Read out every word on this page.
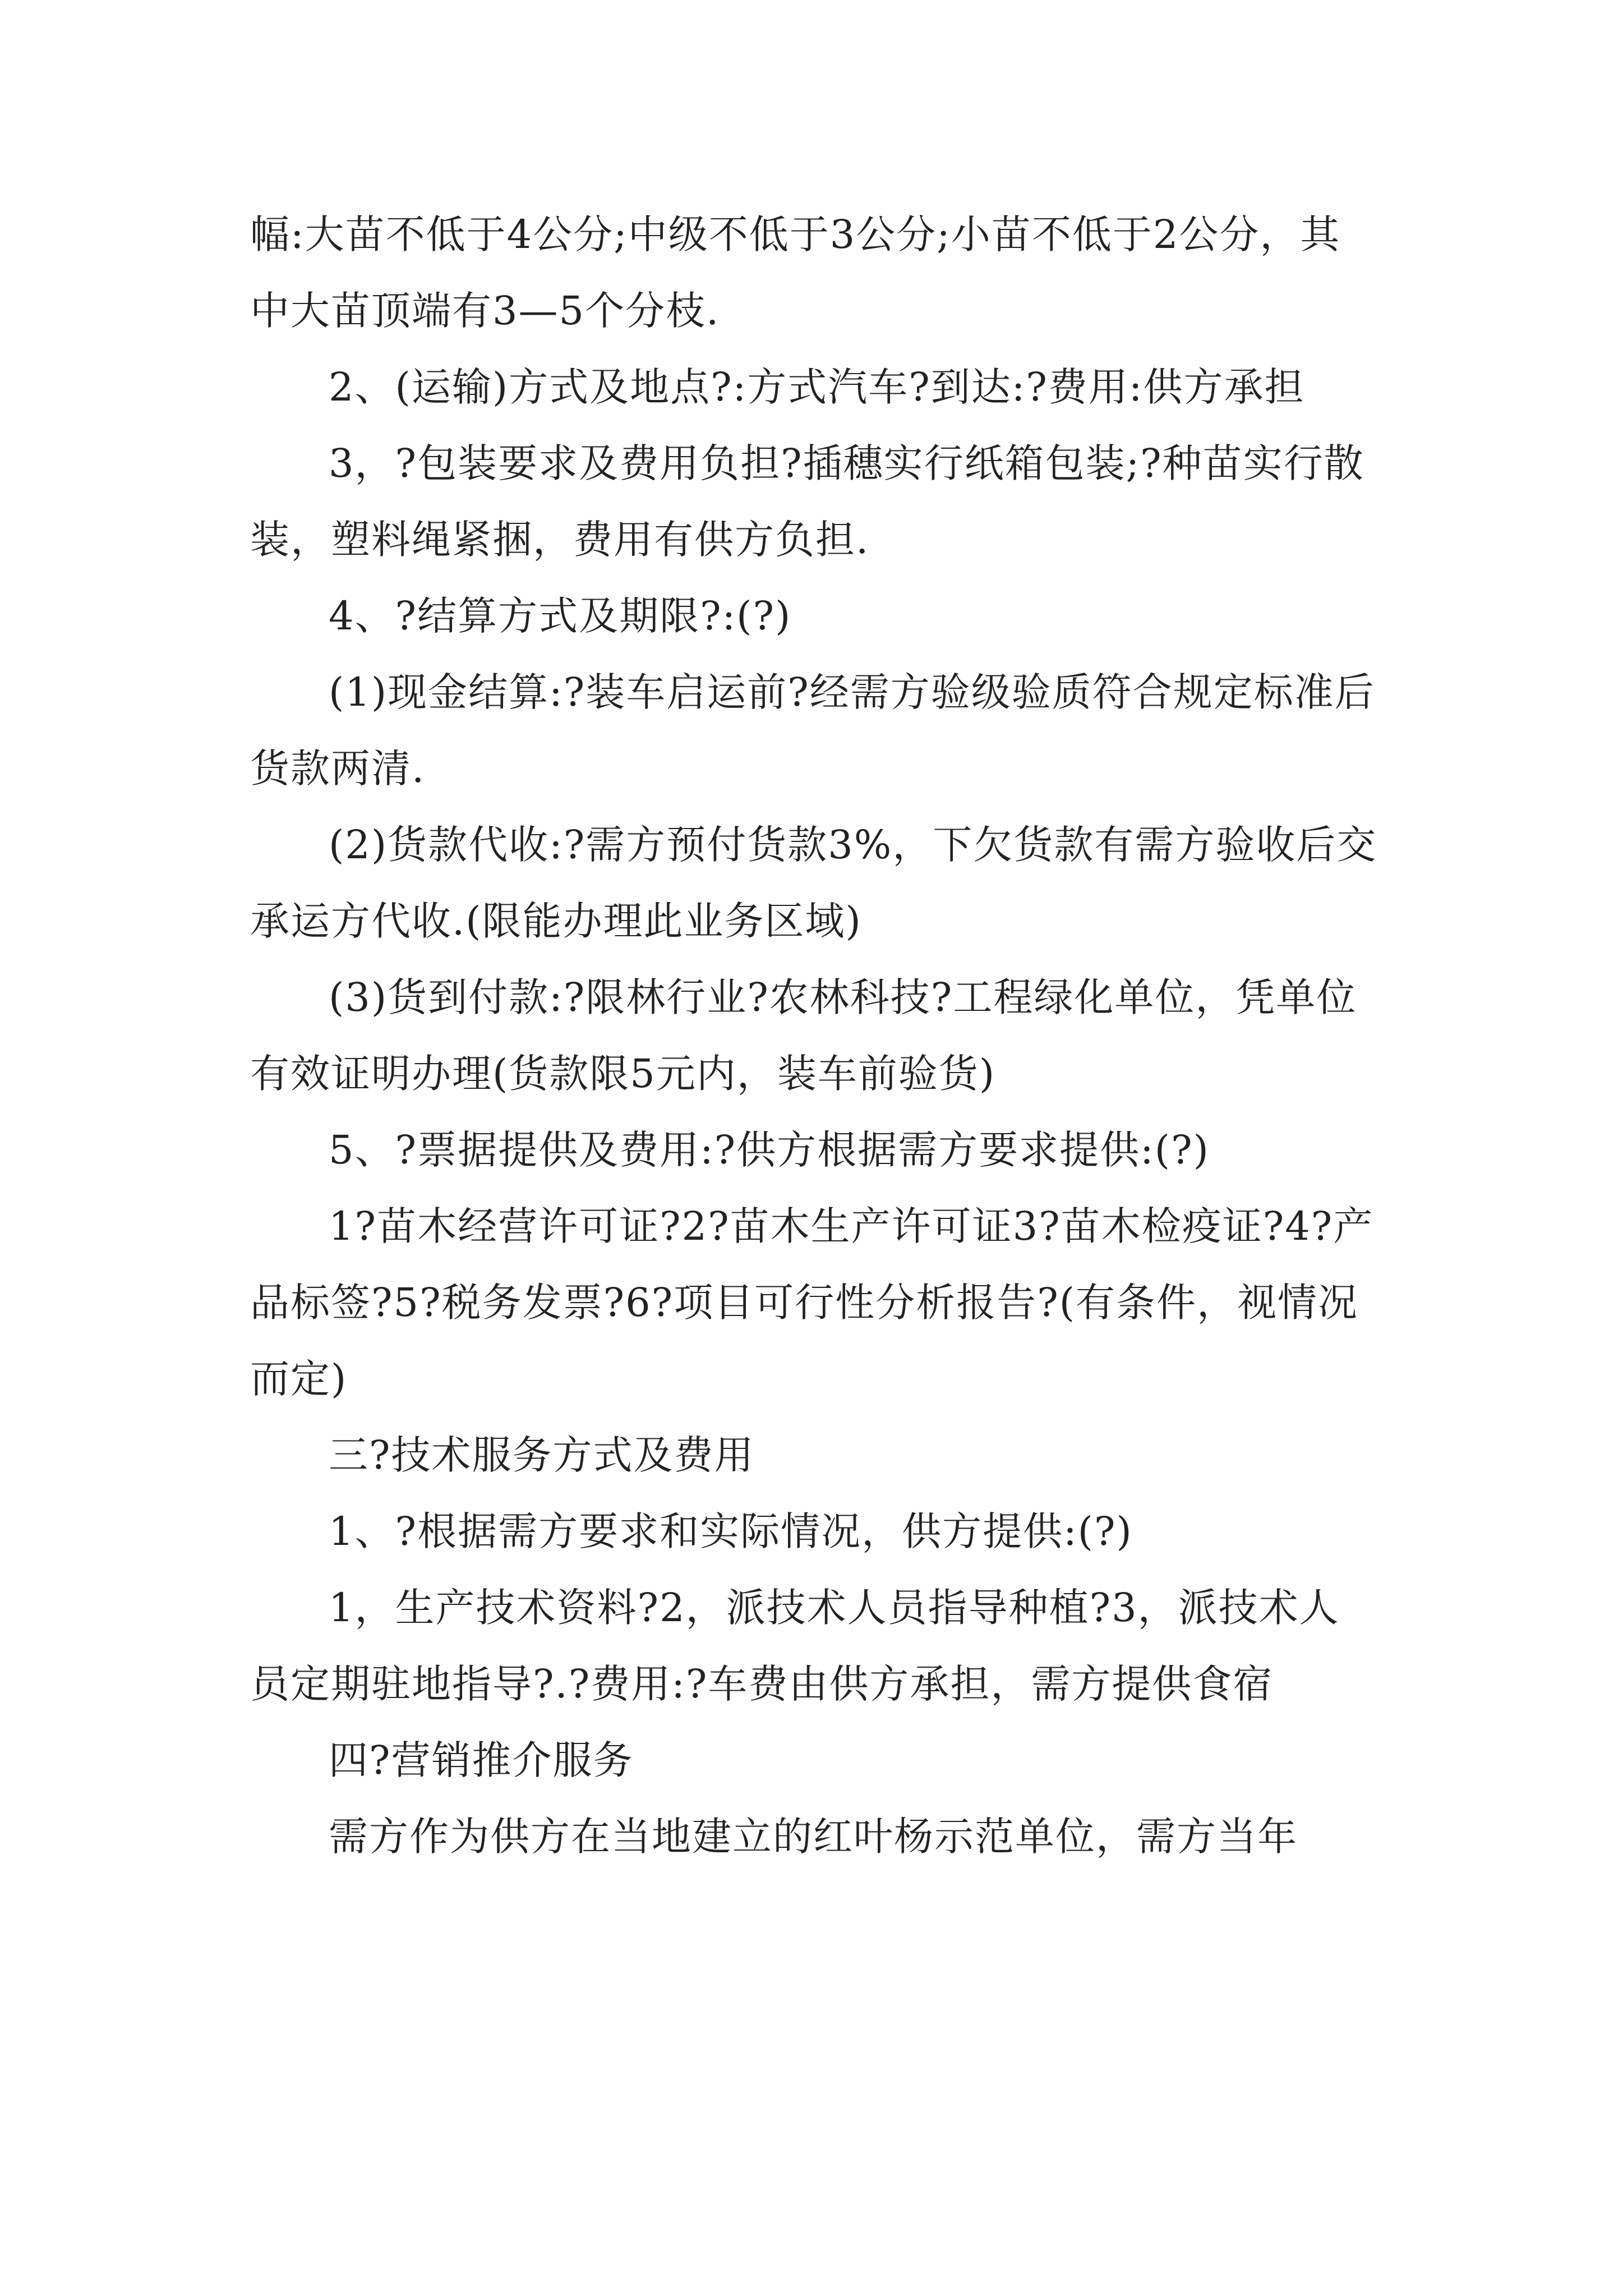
幅:大苗不低于4公分;中级不低于3公分;小苗不低于2公分，其中大苗顶端有3—5个分枝.

2、(运输)方式及地点?:方式汽车?到达:?费用:供方承担

3，?包装要求及费用负担?插穗实行纸箱包装;?种苗实行散装，塑料绳紧捆，费用有供方负担.

4、?结算方式及期限?:(?)

(1)现金结算:?装车启运前?经需方验级验质符合规定标准后货款两清.

(2)货款代收:?需方预付货款3%，下欠货款有需方验收后交承运方代收.(限能办理此业务区域)

(3)货到付款:?限林行业?农林科技?工程绿化单位，凭单位有效证明办理(货款限5元内，装车前验货)

5、?票据提供及费用:?供方根据需方要求提供:(?)

1?苗木经营许可证?2?苗木生产许可证3?苗木检疫证?4?产品标签?5?税务发票?6?项目可行性分析报告?(有条件，视情况而定)

三?技术服务方式及费用

1、?根据需方要求和实际情况，供方提供:(?)

1，生产技术资料?2，派技术人员指导种植?3，派技术人员定期驻地指导?.?费用:?车费由供方承担，需方提供食宿

四?营销推介服务

需方作为供方在当地建立的红叶杨示范单位，需方当年
